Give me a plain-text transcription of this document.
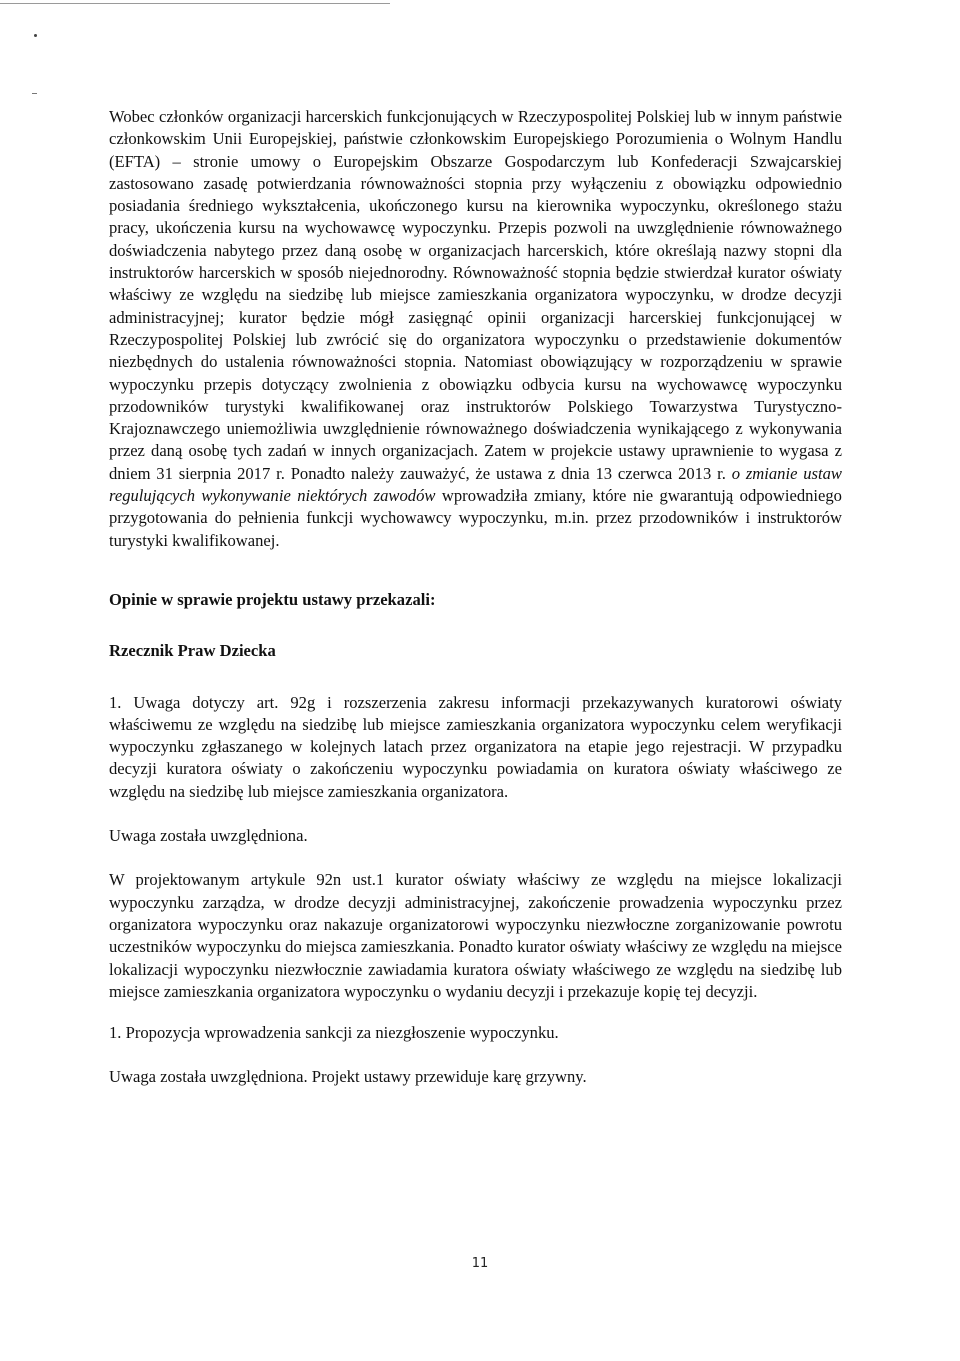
Wobec członków organizacji harcerskich funkcjonujących w Rzeczypospolitej Polskiej lub w innym państwie członkowskim Unii Europejskiej, państwie członkowskim Europejskiego Porozumienia o Wolnym Handlu (EFTA) – stronie umowy o Europejskim Obszarze Gospodarczym lub Konfederacji Szwajcarskiej zastosowano zasadę potwierdzania równoważności stopnia przy wyłączeniu z obowiązku odpowiednio posiadania średniego wykształcenia, ukończonego kursu na kierownika wypoczynku, określonego stażu pracy, ukończenia kursu na wychowawcę wypoczynku. Przepis pozwoli na uwzględnienie równoważnego doświadczenia nabytego przez daną osobę w organizacjach harcerskich, które określają nazwy stopni dla instruktorów harcerskich w sposób niejednorodny. Równoważność stopnia będzie stwierdzał kurator oświaty właściwy ze względu na siedzibę lub miejsce zamieszkania organizatora wypoczynku, w drodze decyzji administracyjnej; kurator będzie mógł zasięgnąć opinii organizacji harcerskiej funkcjonującej w Rzeczypospolitej Polskiej lub zwrócić się do organizatora wypoczynku o przedstawienie dokumentów niezbędnych do ustalenia równoważności stopnia. Natomiast obowiązujący w rozporządzeniu w sprawie wypoczynku przepis dotyczący zwolnienia z obowiązku odbycia kursu na wychowawcę wypoczynku przodowników turystyki kwalifikowanej oraz instruktorów Polskiego Towarzystwa Turystyczno-Krajoznawczego uniemożliwia uwzględnienie równoważnego doświadczenia wynikającego z wykonywania przez daną osobę tych zadań w innych organizacjach. Zatem w projekcie ustawy uprawnienie to wygasa z dniem 31 sierpnia 2017 r. Ponadto należy zauważyć, że ustawa z dnia 13 czerwca 2013 r. o zmianie ustaw regulujących wykonywanie niektórych zawodów wprowadziła zmiany, które nie gwarantują odpowiedniego przygotowania do pełnienia funkcji wychowawcy wypoczynku, m.in. przez przodowników i instruktorów turystyki kwalifikowanej.

Opinie w sprawie projektu ustawy przekazali:

Rzecznik Praw Dziecka

1. Uwaga dotyczy art. 92g i rozszerzenia zakresu informacji przekazywanych kuratorowi oświaty właściwemu ze względu na siedzibę lub miejsce zamieszkania organizatora wypoczynku celem weryfikacji wypoczynku zgłaszanego w kolejnych latach przez organizatora na etapie jego rejestracji. W przypadku decyzji kuratora oświaty o zakończeniu wypoczynku powiadamia on kuratora oświaty właściwego ze względu na siedzibę lub miejsce zamieszkania organizatora.

Uwaga została uwzględniona.

W projektowanym artykule 92n ust.1 kurator oświaty właściwy ze względu na miejsce lokalizacji wypoczynku zarządza, w drodze decyzji administracyjnej, zakończenie prowadzenia wypoczynku przez organizatora wypoczynku oraz nakazuje organizatorowi wypoczynku niezwłoczne zorganizowanie powrotu uczestników wypoczynku do miejsca zamieszkania. Ponadto kurator oświaty właściwy ze względu na miejsce lokalizacji wypoczynku niezwłocznie zawiadamia kuratora oświaty właściwego ze względu na siedzibę lub miejsce zamieszkania organizatora wypoczynku o wydaniu decyzji i przekazuje kopię tej decyzji.

1. Propozycja wprowadzenia sankcji za niezgłoszenie wypoczynku.

Uwaga została uwzględniona. Projekt ustawy przewiduje karę grzywny.

11
